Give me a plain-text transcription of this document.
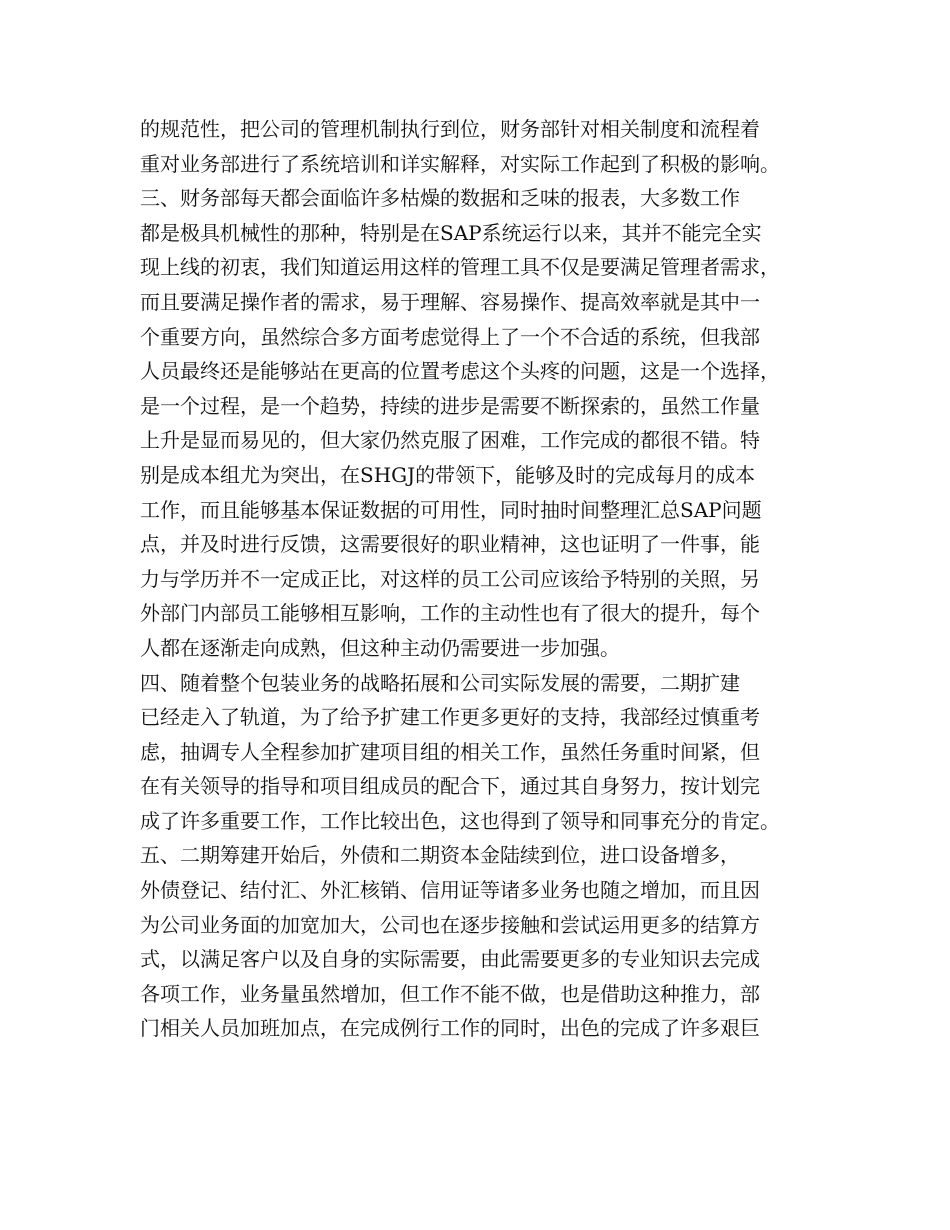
的规范性，把公司的管理机制执行到位，财务部针对相关制度和流程着
重对业务部进行了系统培训和详实解释，对实际工作起到了积极的影响。
三、财务部每天都会面临许多枯燥的数据和乏味的报表，大多数工作
都是极具机械性的那种，特别是在SAP系统运行以来，其并不能完全实
现上线的初衷，我们知道运用这样的管理工具不仅是要满足管理者需求，
而且要满足操作者的需求，易于理解、容易操作、提高效率就是其中一
个重要方向，虽然综合多方面考虑觉得上了一个不合适的系统，但我部
人员最终还是能够站在更高的位置考虑这个头疼的问题，这是一个选择，
是一个过程，是一个趋势，持续的进步是需要不断探索的，虽然工作量
上升是显而易见的，但大家仍然克服了困难，工作完成的都很不错。特
别是成本组尤为突出，在SHGJ的带领下，能够及时的完成每月的成本
工作，而且能够基本保证数据的可用性，同时抽时间整理汇总SAP问题
点，并及时进行反馈，这需要很好的职业精神，这也证明了一件事，能
力与学历并不一定成正比，对这样的员工公司应该给予特别的关照，另
外部门内部员工能够相互影响，工作的主动性也有了很大的提升，每个
人都在逐渐走向成熟，但这种主动仍需要进一步加强。
四、随着整个包装业务的战略拓展和公司实际发展的需要，二期扩建
已经走入了轨道，为了给予扩建工作更多更好的支持，我部经过慎重考
虑，抽调专人全程参加扩建项目组的相关工作，虽然任务重时间紧，但
在有关领导的指导和项目组成员的配合下，通过其自身努力，按计划完
成了许多重要工作，工作比较出色，这也得到了领导和同事充分的肯定。
五、二期筹建开始后，外债和二期资本金陆续到位，进口设备增多，
外债登记、结付汇、外汇核销、信用证等诸多业务也随之增加，而且因
为公司业务面的加宽加大，公司也在逐步接触和尝试运用更多的结算方
式，以满足客户以及自身的实际需要，由此需要更多的专业知识去完成
各项工作，业务量虽然增加，但工作不能不做，也是借助这种推力，部
门相关人员加班加点，在完成例行工作的同时，出色的完成了许多艰巨
